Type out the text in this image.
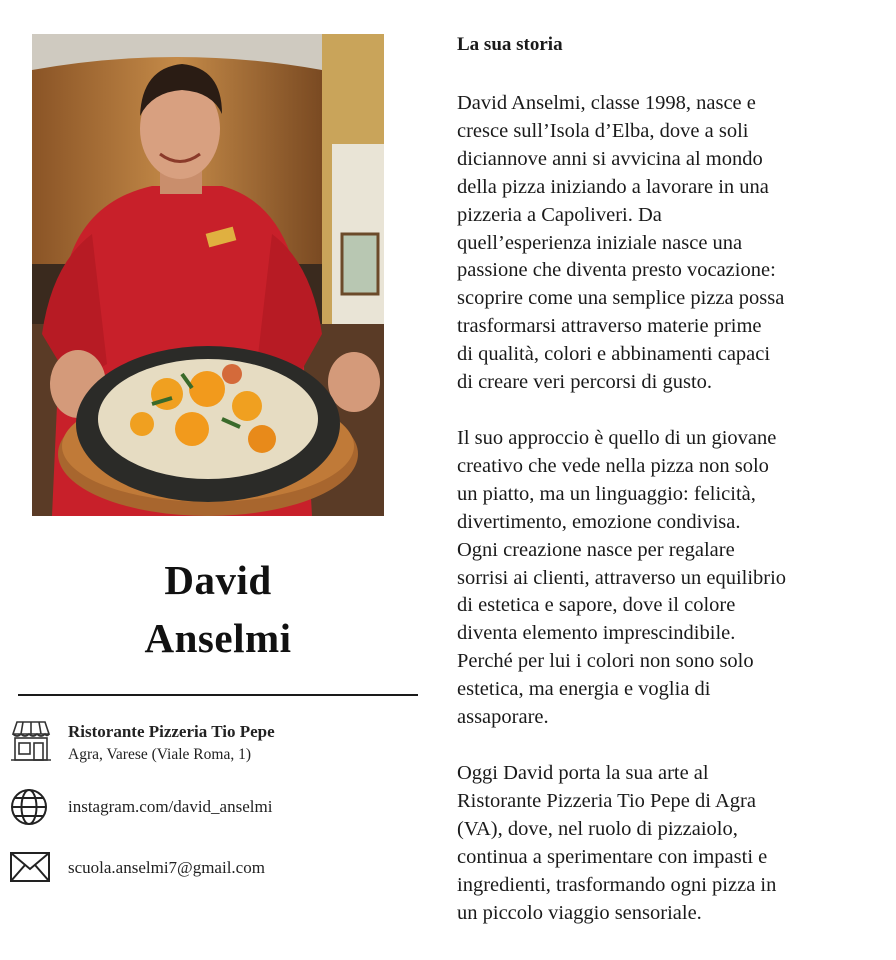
David
Anselmi
Ristorante Pizzeria Tio Pepe
Agra, Varese (Viale Roma, 1)
instagram.com/david_anselmi
scuola.anselmi7@gmail.com
La sua storia

David Anselmi, classe 1998, nasce e
cresce sull’Isola d’Elba, dove a soli
diciannove anni si avvicina al mondo
della pizza iniziando a lavorare in una
pizzeria a Capoliveri. Da
quell’esperienza iniziale nasce una
passione che diventa presto vocazione:
scoprire come una semplice pizza possa
trasformarsi attraverso materie prime
di qualità, colori e abbinamenti capaci
di creare veri percorsi di gusto.

Il suo approccio è quello di un giovane
creativo che vede nella pizza non solo
un piatto, ma un linguaggio: felicità,
divertimento, emozione condivisa.
Ogni creazione nasce per regalare
sorrisi ai clienti, attraverso un equilibrio
di estetica e sapore, dove il colore
diventa elemento imprescindibile.
Perché per lui i colori non sono solo
estetica, ma energia e voglia di
assaporare.

Oggi David porta la sua arte al
Ristorante Pizzeria Tio Pepe di Agra
(VA), dove, nel ruolo di pizzaiolo,
continua a sperimentare con impasti e
ingredienti, trasformando ogni pizza in
un piccolo viaggio sensoriale.
